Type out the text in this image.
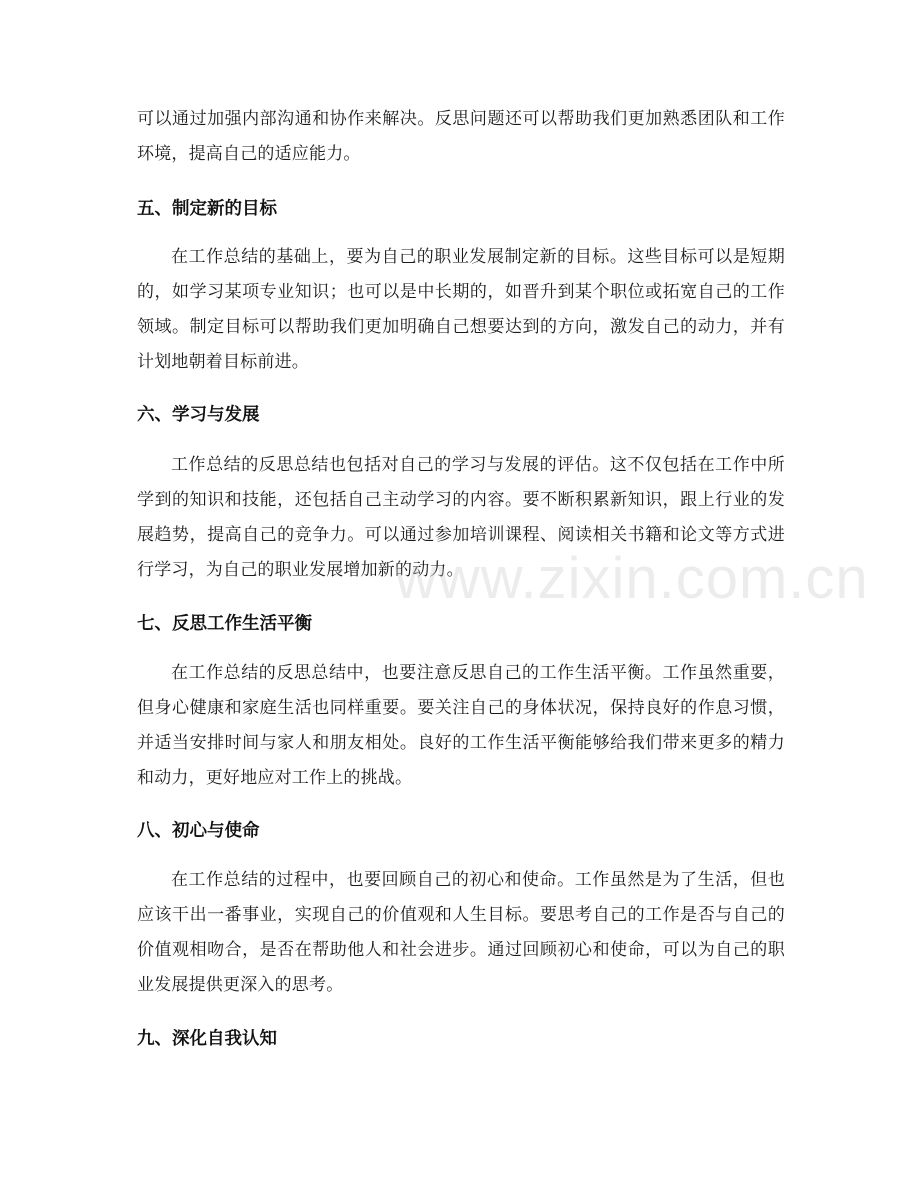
可以通过加强内部沟通和协作来解决。反思问题还可以帮助我们更加熟悉团队和工作环境，提高自己的适应能力。

五、制定新的目标

在工作总结的基础上，要为自己的职业发展制定新的目标。这些目标可以是短期的，如学习某项专业知识；也可以是中长期的，如晋升到某个职位或拓宽自己的工作领域。制定目标可以帮助我们更加明确自己想要达到的方向，激发自己的动力，并有计划地朝着目标前进。

六、学习与发展

工作总结的反思总结也包括对自己的学习与发展的评估。这不仅包括在工作中所学到的知识和技能，还包括自己主动学习的内容。要不断积累新知识，跟上行业的发展趋势，提高自己的竞争力。可以通过参加培训课程、阅读相关书籍和论文等方式进行学习，为自己的职业发展增加新的动力。

七、反思工作生活平衡

在工作总结的反思总结中，也要注意反思自己的工作生活平衡。工作虽然重要，但身心健康和家庭生活也同样重要。要关注自己的身体状况，保持良好的作息习惯，并适当安排时间与家人和朋友相处。良好的工作生活平衡能够给我们带来更多的精力和动力，更好地应对工作上的挑战。

八、初心与使命

在工作总结的过程中，也要回顾自己的初心和使命。工作虽然是为了生活，但也应该干出一番事业，实现自己的价值观和人生目标。要思考自己的工作是否与自己的价值观相吻合，是否在帮助他人和社会进步。通过回顾初心和使命，可以为自己的职业发展提供更深入的思考。

九、深化自我认知
www.zixin.com.cn
